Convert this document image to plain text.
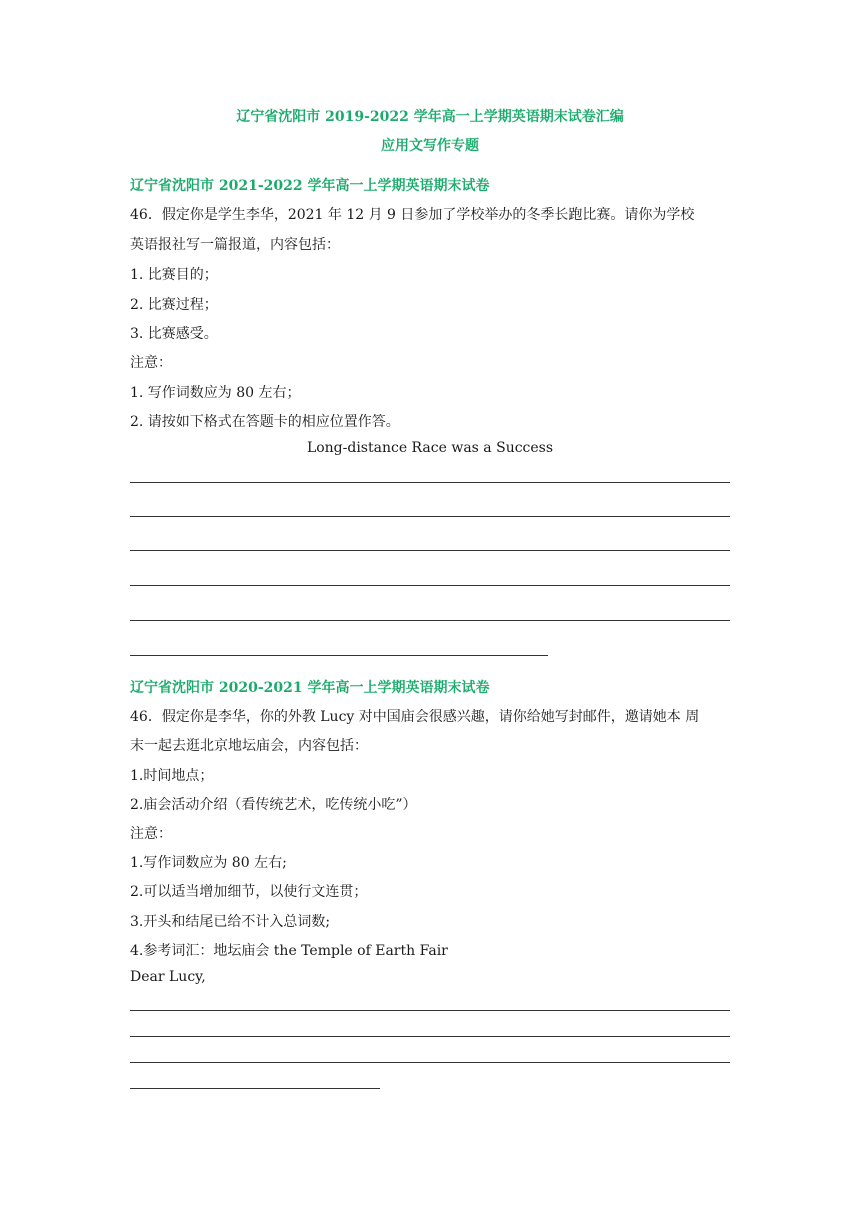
辽宁省沈阳市 2019-2022 学年高一上学期英语期末试卷汇编
应用文写作专题
辽宁省沈阳市 2021-2022 学年高一上学期英语期末试卷
46．假定你是学生李华，2021 年 12 月 9 日参加了学校举办的冬季长跑比赛。请你为学校
英语报社写一篇报道，内容包括：
1. 比赛目的；
2. 比赛过程；
3. 比赛感受。
注意：
1. 写作词数应为 80 左右；
2. 请按如下格式在答题卡的相应位置作答。
Long-distance Race was a Success
辽宁省沈阳市 2020-2021 学年高一上学期英语期末试卷
46．假定你是李华，你的外教 Lucy 对中国庙会很感兴趣，请你给她写封邮件，邀请她本 周
末一起去逛北京地坛庙会，内容包括：
1.时间地点；
2.庙会活动介绍（看传统艺术，吃传统小吃”）
注意：
1.写作词数应为 80 左右;
2.可以适当增加细节，以使行文连贯；
3.开头和结尾已给不计入总词数;
4.参考词汇：地坛庙会 the Temple of Earth Fair
Dear Lucy,
